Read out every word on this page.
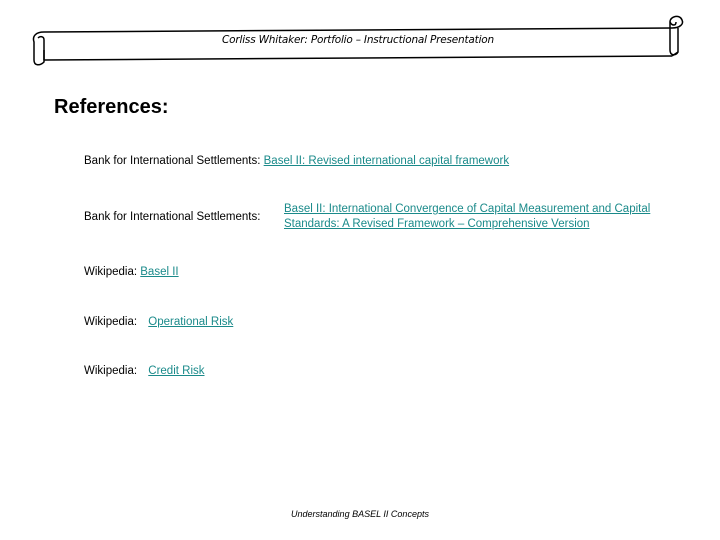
Corliss Whitaker: Portfolio – Instructional Presentation
References:
Bank for International Settlements: Basel II: Revised international capital framework
Bank for International Settlements:
Basel II: International Convergence of Capital Measurement and Capital
Standards: A Revised Framework – Comprehensive Version
Wikipedia: Basel II
Wikipedia: Operational Risk
Wikipedia: Credit Risk
Understanding BASEL II Concepts
